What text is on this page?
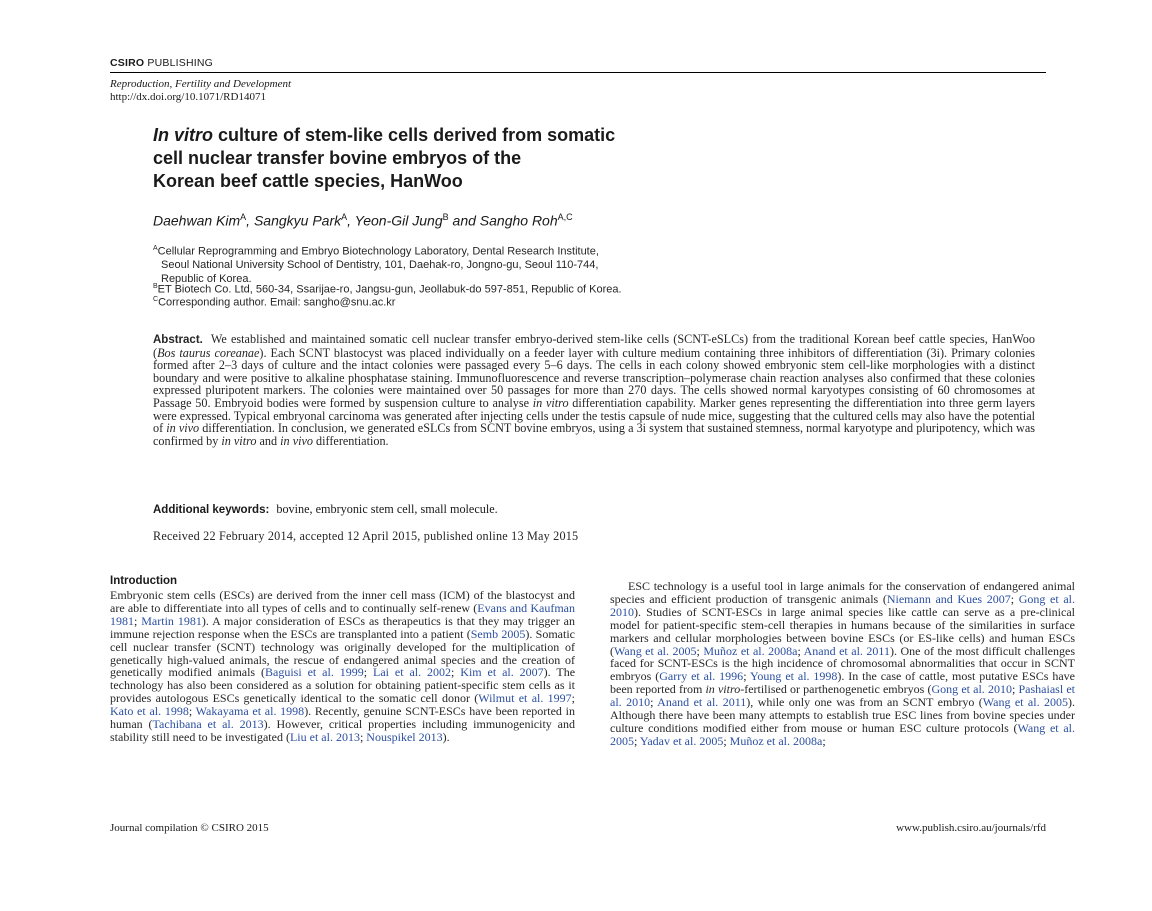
CSIRO PUBLISHING
Reproduction, Fertility and Development
http://dx.doi.org/10.1071/RD14071
In vitro culture of stem-like cells derived from somatic
cell nuclear transfer bovine embryos of the
Korean beef cattle species, HanWoo
Daehwan Kim$^A$, Sangkyu Park$^A$, Yeon-Gil Jung$^B$ and Sangho Roh$^{A,C}$
$^A$Cellular Reprogramming and Embryo Biotechnology Laboratory, Dental Research Institute,
Seoul National University School of Dentistry, 101, Daehak-ro, Jongno-gu, Seoul 110-744,
Republic of Korea.
$^B$ET Biotech Co. Ltd, 560-34, Ssarijae-ro, Jangsu-gun, Jeollabuk-do 597-851, Republic of Korea.
$^C$Corresponding author. Email: sangho@snu.ac.kr
Abstract. We established and maintained somatic cell nuclear transfer embryo-derived stem-like cells (SCNT-eSLCs) from the traditional Korean beef cattle species, HanWoo (Bos taurus coreanae). Each SCNT blastocyst was placed individually on a feeder layer with culture medium containing three inhibitors of differentiation (3i). Primary colonies formed after 2–3 days of culture and the intact colonies were passaged every 5–6 days. The cells in each colony showed embryonic stem cell-like morphologies with a distinct boundary and were positive to alkaline phosphatase staining. Immunofluorescence and reverse transcription–polymerase chain reaction analyses also confirmed that these colonies expressed pluripotent markers. The colonies were maintained over 50 passages for more than 270 days. The cells showed normal karyotypes consisting of 60 chromosomes at Passage 50. Embryoid bodies were formed by suspension culture to analyse in vitro differentiation capability. Marker genes representing the differentiation into three germ layers were expressed. Typical embryonal carcinoma was generated after injecting cells under the testis capsule of nude mice, suggesting that the cultured cells may also have the potential of in vivo differentiation. In conclusion, we generated eSLCs from SCNT bovine embryos, using a 3i system that sustained stemness, normal karyotype and pluripotency, which was confirmed by in vitro and in vivo differentiation.
Additional keywords: bovine, embryonic stem cell, small molecule.
Received 22 February 2014, accepted 12 April 2015, published online 13 May 2015
Introduction
Embryonic stem cells (ESCs) are derived from the inner cell mass (ICM) of the blastocyst and are able to differentiate into all types of cells and to continually self-renew (Evans and Kaufman 1981; Martin 1981). A major consideration of ESCs as therapeutics is that they may trigger an immune rejection response when the ESCs are transplanted into a patient (Semb 2005). Somatic cell nuclear transfer (SCNT) technology was originally developed for the multiplication of genetically high-valued animals, the rescue of endangered animal species and the creation of genetically modified animals (Baguisi et al. 1999; Lai et al. 2002; Kim et al. 2007). The technology has also been considered as a solution for obtaining patient-specific stem cells as it provides autologous ESCs genetically identical to the somatic cell donor (Wilmut et al. 1997; Kato et al. 1998; Wakayama et al. 1998). Recently, genuine SCNT-ESCs have been reported in human (Tachibana et al. 2013). However, critical properties including immunogenicity and stability still need to be investigated (Liu et al. 2013; Nouspikel 2013).
ESC technology is a useful tool in large animals for the conservation of endangered animal species and efficient production of transgenic animals (Niemann and Kues 2007; Gong et al. 2010). Studies of SCNT-ESCs in large animal species like cattle can serve as a pre-clinical model for patient-specific stem-cell therapies in humans because of the similarities in surface markers and cellular morphologies between bovine ESCs (or ES-like cells) and human ESCs (Wang et al. 2005; Muñoz et al. 2008a; Anand et al. 2011). One of the most difficult challenges faced for SCNT-ESCs is the high incidence of chromosomal abnormalities that occur in SCNT embryos (Garry et al. 1996; Young et al. 1998). In the case of cattle, most putative ESCs have been reported from in vitro-fertilised or parthenogenetic embryos (Gong et al. 2010; Pashaiasl et al. 2010; Anand et al. 2011), while only one was from an SCNT embryo (Wang et al. 2005). Although there have been many attempts to establish true ESC lines from bovine species under culture conditions modified either from mouse or human ESC culture protocols (Wang et al. 2005; Yadav et al. 2005; Muñoz et al. 2008a;
Journal compilation © CSIRO 2015	www.publish.csiro.au/journals/rfd
